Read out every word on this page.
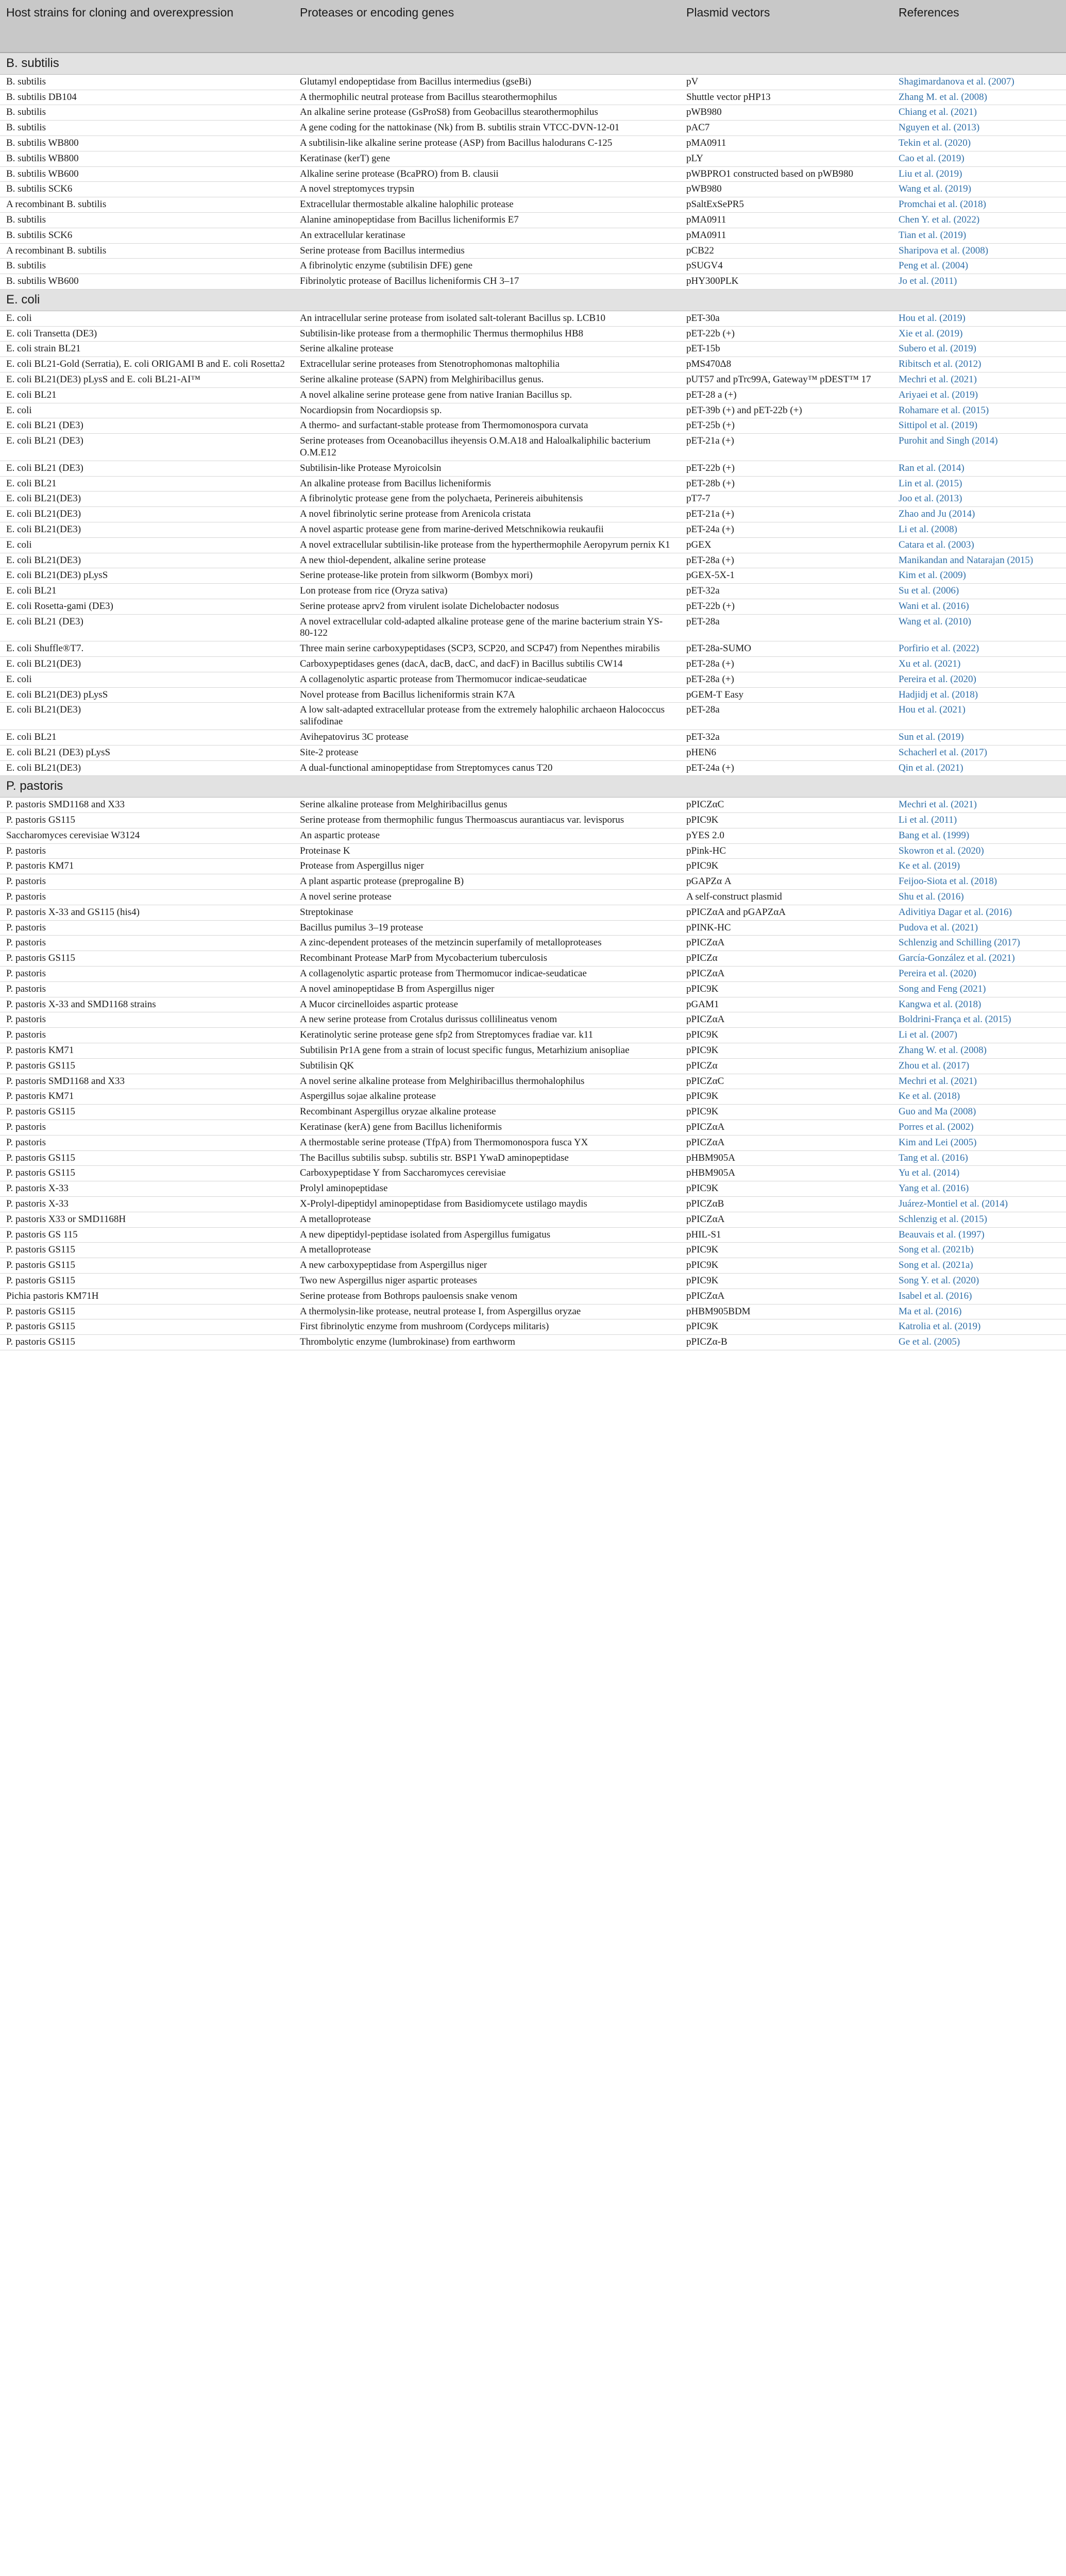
Host strains for cloning and overexpression	Proteases or encoding genes	Plasmid vectors	References
B. subtilis			
B. subtilis	Glutamyl endopeptidase from Bacillus intermedius (gseBi)	pV	Shagimardanova et al. (2007)
B. subtilis DB104	A thermophilic neutral protease from Bacillus stearothermophilus	Shuttle vector pHP13	Zhang M. et al. (2008)
B. subtilis	An alkaline serine protease (GsProS8) from Geobacillus stearothermophilus	pWB980	Chiang et al. (2021)
B. subtilis	A gene coding for the nattokinase (Nk) from B. subtilis strain VTCC-DVN-12-01	pAC7	Nguyen et al. (2013)
B. subtilis WB800	A subtilisin-like alkaline serine protease (ASP) from Bacillus halodurans C-125	pMA0911	Tekin et al. (2020)
B. subtilis WB800	Keratinase (kerT) gene	pLY	Cao et al. (2019)
B. subtilis WB600	Alkaline serine protease (BcaPRO) from B. clausii	pWBPRO1 constructed based on pWB980	Liu et al. (2019)
B. subtilis SCK6	A novel streptomyces trypsin	pWB980	Wang et al. (2019)
A recombinant B. subtilis	Extracellular thermostable alkaline halophilic protease	pSaltExSePR5	Promchai et al. (2018)
B. subtilis	Alanine aminopeptidase from Bacillus licheniformis E7	pMA0911	Chen Y. et al. (2022)
B. subtilis SCK6	An extracellular keratinase	pMA0911	Tian et al. (2019)
A recombinant B. subtilis	Serine protease from Bacillus intermedius	pCB22	Sharipova et al. (2008)
B. subtilis	A fibrinolytic enzyme (subtilisin DFE) gene	pSUGV4	Peng et al. (2004)
B. subtilis WB600	Fibrinolytic protease of Bacillus licheniformis CH 3–17	pHY300PLK	Jo et al. (2011)
E. coli			
E. coli	An intracellular serine protease from isolated salt-tolerant Bacillus sp. LCB10	pET-30a	Hou et al. (2019)
E. coli Transetta (DE3)	Subtilisin-like protease from a thermophilic Thermus thermophilus HB8	pET-22b (+)	Xie et al. (2019)
E. coli strain BL21	Serine alkaline protease	pET-15b	Subero et al. (2019)
E. coli BL21-Gold (Serratia), E. coli ORIGAMI B and E. coli Rosetta2	Extracellular serine proteases from Stenotrophomonas maltophilia	pMS470Δ8	Ribitsch et al. (2012)
E. coli BL21(DE3) pLysS and E. coli BL21-AI™	Serine alkaline protease (SAPN) from Melghiribacillus genus.	pUT57 and pTrc99A, Gateway™ pDEST™ 17	Mechri et al. (2021)
E. coli BL21	A novel alkaline serine protease gene from native Iranian Bacillus sp.	pET-28 a (+)	Ariyaei et al. (2019)
E. coli	Nocardiopsin from Nocardiopsis sp.	pET-39b (+) and pET-22b (+)	Rohamare et al. (2015)
E. coli BL21 (DE3)	A thermo- and surfactant-stable protease from Thermomonospora curvata	pET-25b (+)	Sittipol et al. (2019)
E. coli BL21 (DE3)	Serine proteases from Oceanobacillus iheyensis O.M.A18 and Haloalkaliphilic bacterium O.M.E12	pET-21a (+)	Purohit and Singh (2014)
E. coli BL21 (DE3)	Subtilisin-like Protease Myroicolsin	pET-22b (+)	Ran et al. (2014)
E. coli BL21	An alkaline protease from Bacillus licheniformis	pET-28b (+)	Lin et al. (2015)
E. coli BL21(DE3)	A fibrinolytic protease gene from the polychaeta, Perinereis aibuhitensis	pT7-7	Joo et al. (2013)
E. coli BL21(DE3)	A novel fibrinolytic serine protease from Arenicola cristata	pET-21a (+)	Zhao and Ju (2014)
E. coli BL21(DE3)	A novel aspartic protease gene from marine-derived Metschnikowia reukaufii	pET-24a (+)	Li et al. (2008)
E. coli	A novel extracellular subtilisin-like protease from the hyperthermophile Aeropyrum pernix K1	pGEX	Catara et al. (2003)
E. coli BL21(DE3)	A new thiol-dependent, alkaline serine protease	pET-28a (+)	Manikandan and Natarajan (2015)
E. coli BL21(DE3) pLysS	Serine protease-like protein from silkworm (Bombyx mori)	pGEX-5X-1	Kim et al. (2009)
E. coli BL21	Lon protease from rice (Oryza sativa)	pET-32a	Su et al. (2006)
E. coli Rosetta-gami (DE3)	Serine protease aprv2 from virulent isolate Dichelobacter nodosus	pET-22b (+)	Wani et al. (2016)
E. coli BL21 (DE3)	A novel extracellular cold-adapted alkaline protease gene of the marine bacterium strain YS-80-122	pET-28a	Wang et al. (2010)
E. coli Shuffle®T7.	Three main serine carboxypeptidases (SCP3, SCP20, and SCP47) from Nepenthes mirabilis	pET-28a-SUMO	Porfirio et al. (2022)
E. coli BL21(DE3)	Carboxypeptidases genes (dacA, dacB, dacC, and dacF) in Bacillus subtilis CW14	pET-28a (+)	Xu et al. (2021)
E. coli	A collagenolytic aspartic protease from Thermomucor indicae-seudaticae	pET-28a (+)	Pereira et al. (2020)
E. coli BL21(DE3) pLysS	Novel protease from Bacillus licheniformis strain K7A	pGEM-T Easy	Hadjidj et al. (2018)
E. coli BL21(DE3)	A low salt-adapted extracellular protease from the extremely halophilic archaeon Halococcus salifodinae	pET-28a	Hou et al. (2021)
E. coli BL21	Avihepatovirus 3C protease	pET-32a	Sun et al. (2019)
E. coli BL21 (DE3) pLysS	Site-2 protease	pHEN6	Schacherl et al. (2017)
E. coli BL21(DE3)	A dual-functional aminopeptidase from Streptomyces canus T20	pET-24a (+)	Qin et al. (2021)
P. pastoris			
P. pastoris SMD1168 and X33	Serine alkaline protease from Melghiribacillus genus	pPICZαC	Mechri et al. (2021)
P. pastoris GS115	Serine protease from thermophilic fungus Thermoascus aurantiacus var. levisporus	pPIC9K	Li et al. (2011)
Saccharomyces cerevisiae W3124	An aspartic protease	pYES 2.0	Bang et al. (1999)
P. pastoris	Proteinase K	pPink-HC	Skowron et al. (2020)
P. pastoris KM71	Protease from Aspergillus niger	pPIC9K	Ke et al. (2019)
P. pastoris	A plant aspartic protease (preprogaline B)	pGAPZα A	Feijoo-Siota et al. (2018)
P. pastoris	A novel serine protease	A self-construct plasmid	Shu et al. (2016)
P. pastoris X-33 and GS115 (his4)	Streptokinase	pPICZαA and pGAPZαA	Adivitiya Dagar et al. (2016)
P. pastoris	Bacillus pumilus 3–19 protease	pPINK-HC	Pudova et al. (2021)
P. pastoris	A zinc-dependent proteases of the metzincin superfamily of metalloproteases	pPICZαA	Schlenzig and Schilling (2017)
P. pastoris GS115	Recombinant Protease MarP from Mycobacterium tuberculosis	pPICZα	García-González et al. (2021)
P. pastoris	A collagenolytic aspartic protease from Thermomucor indicae-seudaticae	pPICZαA	Pereira et al. (2020)
P. pastoris	A novel aminopeptidase B from Aspergillus niger	pPIC9K	Song and Feng (2021)
P. pastoris X-33 and SMD1168 strains	A Mucor circinelloides aspartic protease	pGAM1	Kangwa et al. (2018)
P. pastoris	A new serine protease from Crotalus durissus collilineatus venom	pPICZαA	Boldrini-França et al. (2015)
P. pastoris	Keratinolytic serine protease gene sfp2 from Streptomyces fradiae var. k11	pPIC9K	Li et al. (2007)
P. pastoris KM71	Subtilisin Pr1A gene from a strain of locust specific fungus, Metarhizium anisopliae	pPIC9K	Zhang W. et al. (2008)
P. pastoris GS115	Subtilisin QK	pPICZα	Zhou et al. (2017)
P. pastoris SMD1168 and X33	A novel serine alkaline protease from Melghiribacillus thermohalophilus	pPICZαC	Mechri et al. (2021)
P. pastoris KM71	Aspergillus sojae alkaline protease	pPIC9K	Ke et al. (2018)
P. pastoris GS115	Recombinant Aspergillus oryzae alkaline protease	pPIC9K	Guo and Ma (2008)
P. pastoris	Keratinase (kerA) gene from Bacillus licheniformis	pPICZαA	Porres et al. (2002)
P. pastoris	A thermostable serine protease (TfpA) from Thermomonospora fusca YX	pPICZαA	Kim and Lei (2005)
P. pastoris GS115	The Bacillus subtilis subsp. subtilis str. BSP1 YwaD aminopeptidase	pHBM905A	Tang et al. (2016)
P. pastoris GS115	Carboxypeptidase Y from Saccharomyces cerevisiae	pHBM905A	Yu et al. (2014)
P. pastoris X-33	Prolyl aminopeptidase	pPIC9K	Yang et al. (2016)
P. pastoris X-33	X-Prolyl-dipeptidyl aminopeptidase from Basidiomycete ustilago maydis	pPICZαB	Juárez-Montiel et al. (2014)
P. pastoris X33 or SMD1168H	A metalloprotease	pPICZαA	Schlenzig et al. (2015)
P. pastoris GS 115	A new dipeptidyl-peptidase isolated from Aspergillus fumigatus	pHIL-S1	Beauvais et al. (1997)
P. pastoris GS115	A metalloprotease	pPIC9K	Song et al. (2021b)
P. pastoris GS115	A new carboxypeptidase from Aspergillus niger	pPIC9K	Song et al. (2021a)
P. pastoris GS115	Two new Aspergillus niger aspartic proteases	pPIC9K	Song Y. et al. (2020)
Pichia pastoris KM71H	Serine protease from Bothrops pauloensis snake venom	pPICZαA	Isabel et al. (2016)
P. pastoris GS115	A thermolysin-like protease, neutral protease I, from Aspergillus oryzae	pHBM905BDM	Ma et al. (2016)
P. pastoris GS115	First fibrinolytic enzyme from mushroom (Cordyceps militaris)	pPIC9K	Katrolia et al. (2019)
P. pastoris GS115	Thrombolytic enzyme (lumbrokinase) from earthworm	pPICZα-B	Ge et al. (2005)
